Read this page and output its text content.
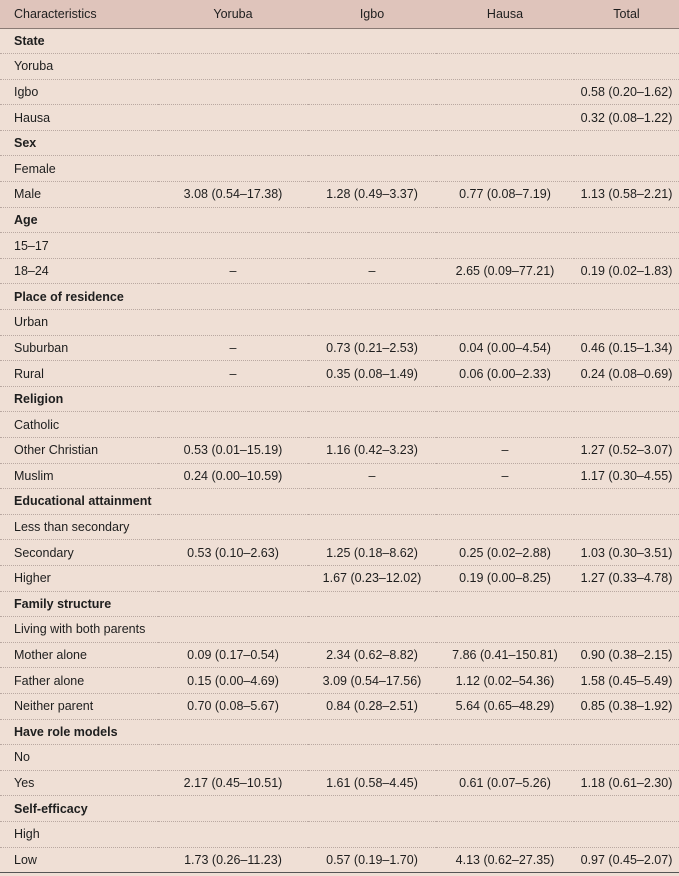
Characteristics	Yoruba	Igbo	Hausa	Total
State				
Yoruba				
Igbo				0.58 (0.20–1.62)
Hausa				0.32 (0.08–1.22)
Sex				
Female				
Male	3.08 (0.54–17.38)	1.28 (0.49–3.37)	0.77 (0.08–7.19)	1.13 (0.58–2.21)
Age				
15–17				
18–24	–	–	2.65 (0.09–77.21)	0.19 (0.02–1.83)
Place of residence				
Urban				
Suburban	–	0.73 (0.21–2.53)	0.04 (0.00–4.54)	0.46 (0.15–1.34)
Rural	–	0.35 (0.08–1.49)	0.06 (0.00–2.33)	0.24 (0.08–0.69)
Religion				
Catholic				
Other Christian	0.53 (0.01–15.19)	1.16 (0.42–3.23)	–	1.27 (0.52–3.07)
Muslim	0.24 (0.00–10.59)	–	–	1.17 (0.30–4.55)
Educational attainment				
Less than secondary				
Secondary	0.53 (0.10–2.63)	1.25 (0.18–8.62)	0.25 (0.02–2.88)	1.03 (0.30–3.51)
Higher		1.67 (0.23–12.02)	0.19 (0.00–8.25)	1.27 (0.33–4.78)
Family structure				
Living with both parents				
Mother alone	0.09 (0.17–0.54)	2.34 (0.62–8.82)	7.86 (0.41–150.81)	0.90 (0.38–2.15)
Father alone	0.15 (0.00–4.69)	3.09 (0.54–17.56)	1.12 (0.02–54.36)	1.58 (0.45–5.49)
Neither parent	0.70 (0.08–5.67)	0.84 (0.28–2.51)	5.64 (0.65–48.29)	0.85 (0.38–1.92)
Have role models				
No				
Yes	2.17 (0.45–10.51)	1.61 (0.58–4.45)	0.61 (0.07–5.26)	1.18 (0.61–2.30)
Self-efficacy				
High				
Low	1.73 (0.26–11.23)	0.57 (0.19–1.70)	4.13 (0.62–27.35)	0.97 (0.45–2.07)
